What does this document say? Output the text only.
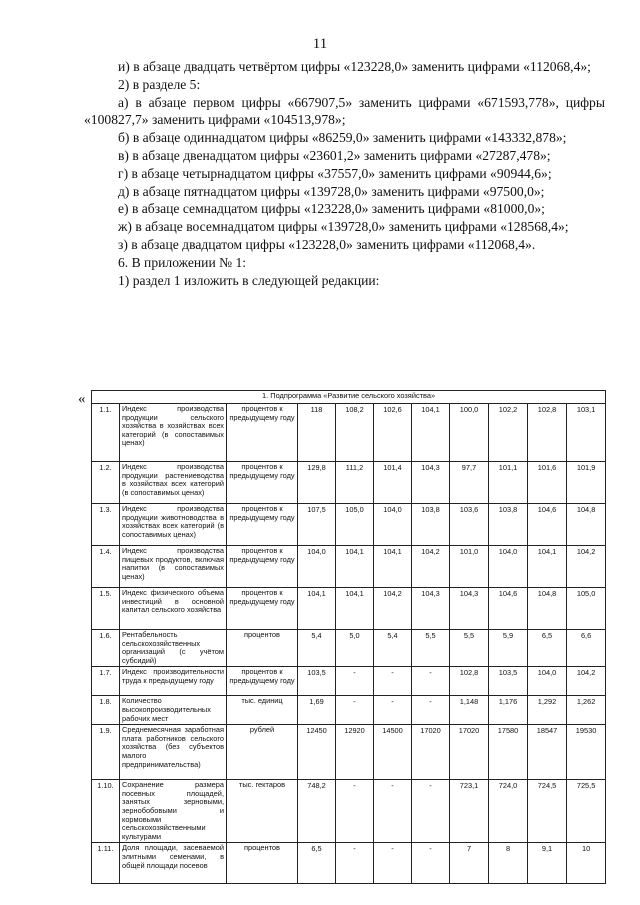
11

и) в абзаце двадцать четвёртом цифры «123228,0» заменить цифрами «112068,4»;

2) в разделе 5:

а) в абзаце первом цифры «667907,5» заменить цифрами «671593,778», цифры «100827,7» заменить цифрами «104513,978»;

б) в абзаце одиннадцатом цифры «86259,0» заменить цифрами «143332,878»;

в) в абзаце двенадцатом цифры «23601,2» заменить цифрами «27287,478»;

г) в абзаце четырнадцатом цифры «37557,0» заменить цифрами «90944,6»;

д) в абзаце пятнадцатом цифры «139728,0» заменить цифрами «97500,0»;

е) в абзаце семнадцатом цифры «123228,0» заменить цифрами «81000,0»;

ж) в абзаце восемнадцатом цифры «139728,0» заменить цифрами «128568,4»;

з) в абзаце двадцатом цифры «123228,0» заменить цифрами «112068,4».

6. В приложении № 1:

1) раздел 1 изложить в следующей редакции:

«	1. Подпрограмма «Развитие сельского хозяйства»										
1.1.	Индекс производства продукции сельского хозяйства в хозяйствах всех категорий (в сопоставимых ценах)	процентов к предыдущему году	118	108,2	102,6	104,1	100,0	102,2	102,8	103,1
1.2.	Индекс производства продукции растениеводства в хозяйствах всех категорий (в сопоставимых ценах)	процентов к предыдущему году	129,8	111,2	101,4	104,3	97,7	101,1	101,6	101,9
1.3.	Индекс производства продукции животноводства в хозяйствах всех категорий (в сопоставимых ценах)	процентов к предыдущему году	107,5	105,0	104,0	103,8	103,6	103,8	104,6	104,8
1.4.	Индекс производства пищевых продуктов, включая напитки (в сопоставимых ценах)	процентов к предыдущему году	104,0	104,1	104,1	104,2	101,0	104,0	104,1	104,2
1.5.	Индекс физического объема инвестиций в основной капитал сельского хозяйства	процентов к предыдущему году	104,1	104,1	104,2	104,3	104,3	104,6	104,8	105,0
1.6.	Рентабельность сельскохозяйственных организаций (с учётом субсидий)	процентов	5,4	5,0	5,4	5,5	5,5	5,9	6,5	6,6
1.7.	Индекс производительности труда к предыдущему году	процентов к предыдущему году	103,5	-	-	-	102,8	103,5	104,0	104,2
1.8.	Количество высокопроизводительных рабочих мест	тыс. единиц	1,69	-	-	-	1,148	1,176	1,292	1,262
1.9.	Среднемесячная заработная плата работников сельского хозяйства (без субъектов малого предпринимательства)	рублей	12450	12920	14500	17020	17020	17580	18547	19530
1.10.	Сохранение размера посевных площадей, занятых зерновыми, зернобобовыми и кормовыми сельскохозяйственными культурами	тыс. гектаров	748,2	-	-	-	723,1	724,0	724,5	725,5
1.11.	Доля площади, засеваемой элитными семенами, в общей площади посевов	процентов	6,5	-	-	-	7	8	9,1	10
